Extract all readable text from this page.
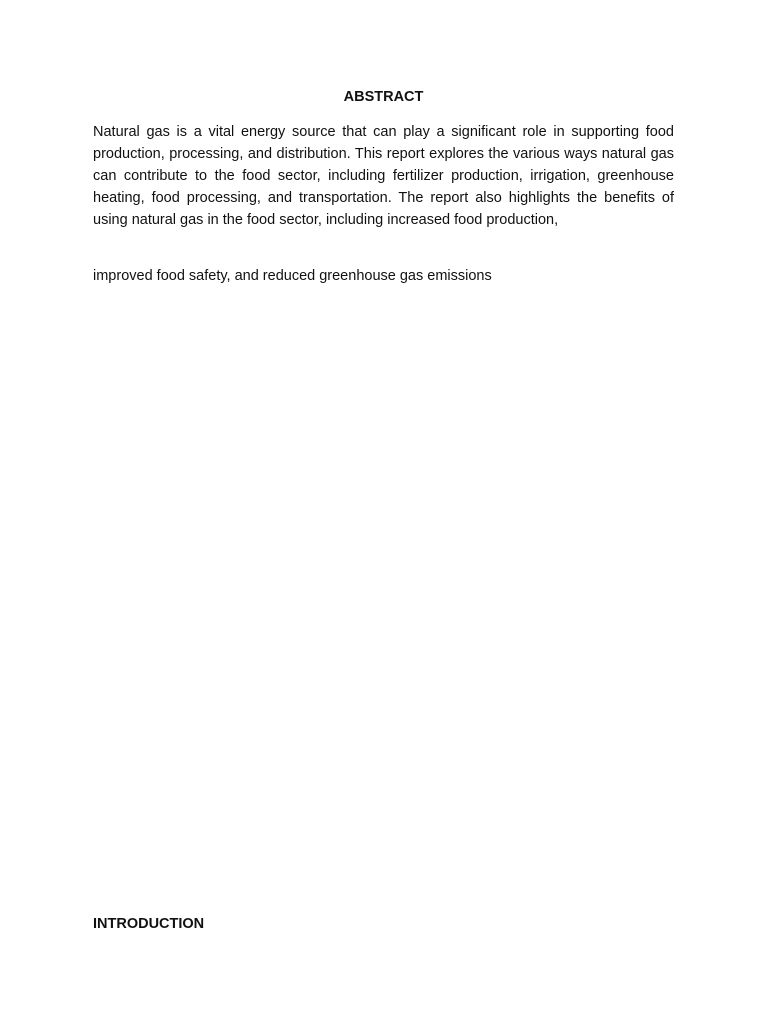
ABSTRACT

Natural gas is a vital energy source that can play a significant role in supporting food production, processing, and distribution. This report explores the various ways natural gas can contribute to the food sector, including fertilizer production, irrigation, greenhouse heating, food processing, and transportation. The report also highlights the benefits of using natural gas in the food sector, including increased food production,

improved food safety, and reduced greenhouse gas emissions

INTRODUCTION
